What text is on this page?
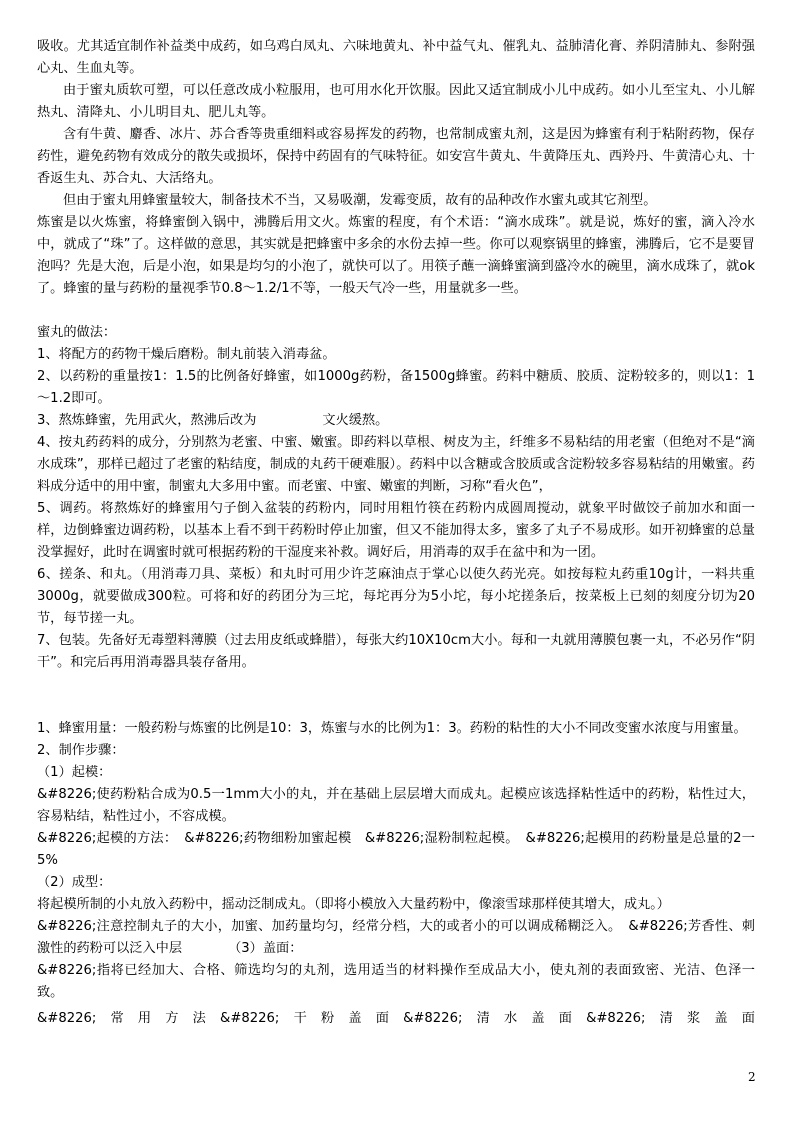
吸收。尤其适宜制作补益类中成药，如乌鸡白凤丸、六味地黄丸、补中益气丸、催乳丸、益肺清化膏、养阴清肺丸、参附强心丸、生血丸等。

由于蜜丸质软可塑，可以任意改成小粒服用，也可用水化开饮服。因此又适宜制成小儿中成药。如小儿至宝丸、小儿解热丸、清降丸、小儿明目丸、肥儿丸等。

含有牛黄、麝香、冰片、苏合香等贵重细料或容易挥发的药物，也常制成蜜丸剂，这是因为蜂蜜有利于粘附药物，保存药性，避免药物有效成分的散失或损坏，保持中药固有的气味特征。如安宫牛黄丸、牛黄降压丸、西羚丹、牛黄清心丸、十香返生丸、苏合丸、大活络丸。

但由于蜜丸用蜂蜜量较大，制备技术不当，又易吸潮，发霉变质，故有的品种改作水蜜丸或其它剂型。

炼蜜是以火炼蜜，将蜂蜜倒入锅中，沸腾后用文火。炼蜜的程度，有个术语：“滴水成珠”。就是说，炼好的蜜，滴入冷水中，就成了“珠”了。这样做的意思，其实就是把蜂蜜中多余的水份去掉一些。你可以观察锅里的蜂蜜，沸腾后，它不是要冒泡吗？先是大泡，后是小泡，如果是均匀的小泡了，就快可以了。用筷子蘸一滴蜂蜜滴到盛冷水的碗里，滴水成珠了，就ok了。蜂蜜的量与药粉的量视季节0.8～1.2/1不等，一般天气冷一些，用量就多一些。

蜜丸的做法：

1、将配方的药物干燥后磨粉。制丸前装入消毒盆。

2、以药粉的重量按1：1.5的比例备好蜂蜜，如1000g药粉，备1500g蜂蜜。药料中糖质、胶质、淀粉较多的，则以1：1～1.2即可。

3、熬炼蜂蜜，先用武火，熬沸后改为　　　　　文火缓熬。

4、按丸药药料的成分，分别熬为老蜜、中蜜、嫩蜜。即药料以草根、树皮为主，纤维多不易粘结的用老蜜（但绝对不是“滴水成珠”，那样已超过了老蜜的粘结度，制成的丸药干硬难服）。药料中以含糖或含胶质或含淀粉较多容易粘结的用嫩蜜。药料成分适中的用中蜜，制蜜丸大多用中蜜。而老蜜、中蜜、嫩蜜的判断，习称“看火色”，

5、调药。将熬炼好的蜂蜜用勺子倒入盆装的药粉内，同时用粗竹筷在药粉内成圆周搅动，就象平时做饺子前加水和面一样，边倒蜂蜜边调药粉，以基本上看不到干药粉时停止加蜜，但又不能加得太多，蜜多了丸子不易成形。如开初蜂蜜的总量没掌握好，此时在调蜜时就可根据药粉的干湿度来补救。调好后，用消毒的双手在盆中和为一团。

6、搓条、和丸。（用消毒刀具、菜板）和丸时可用少许芝麻油点于掌心以使久药光亮。如按每粒丸药重10g计，一料共重3000g，就要做成300粒。可将和好的药团分为三坨，每坨再分为5小坨，每小坨搓条后，按菜板上已刻的刻度分切为20节，每节搓一丸。

7、包装。先备好无毒塑料薄膜（过去用皮纸或蜂腊），每张大约10X10cm大小。每和一丸就用薄膜包裹一丸，不必另作“阴干”。和完后再用消毒器具装存备用。

1、蜂蜜用量：一般药粉与炼蜜的比例是10：3，炼蜜与水的比例为1：3。药粉的粘性的大小不同改变蜜水浓度与用蜜量。

2、制作步骤：

（1）起模：

&#8226;使药粉粘合成为0.5一1mm大小的丸，并在基础上层层增大而成丸。起模应该选择粘性适中的药粉，粘性过大，容易粘结，粘性过小，不容成模。

&#8226;起模的方法：　&#8226;药物细粉加蜜起模　&#8226;湿粉制粒起模。　&#8226;起模用的药粉量是总量的2一5%

（2）成型：

将起模所制的小丸放入药粉中，摇动泛制成丸。（即将小模放入大量药粉中，像滚雪球那样使其增大，成丸。）

&#8226;注意控制丸子的大小，加蜜、加药量均匀，经常分档，大的或者小的可以调成稀糊泛入。　&#8226;芳香性、刺激性的药粉可以泛入中层	（3）盖面：

&#8226;指将已经加大、合格、筛选均匀的丸剂，选用适当的材料操作至成品大小，使丸剂的表面致密、光洁、色泽一致。

&#8226; 常 用 方 法 &#8226; 干 粉 盖 面 &#8226; 清 水 盖 面 &#8226; 清 浆 盖 面
2
